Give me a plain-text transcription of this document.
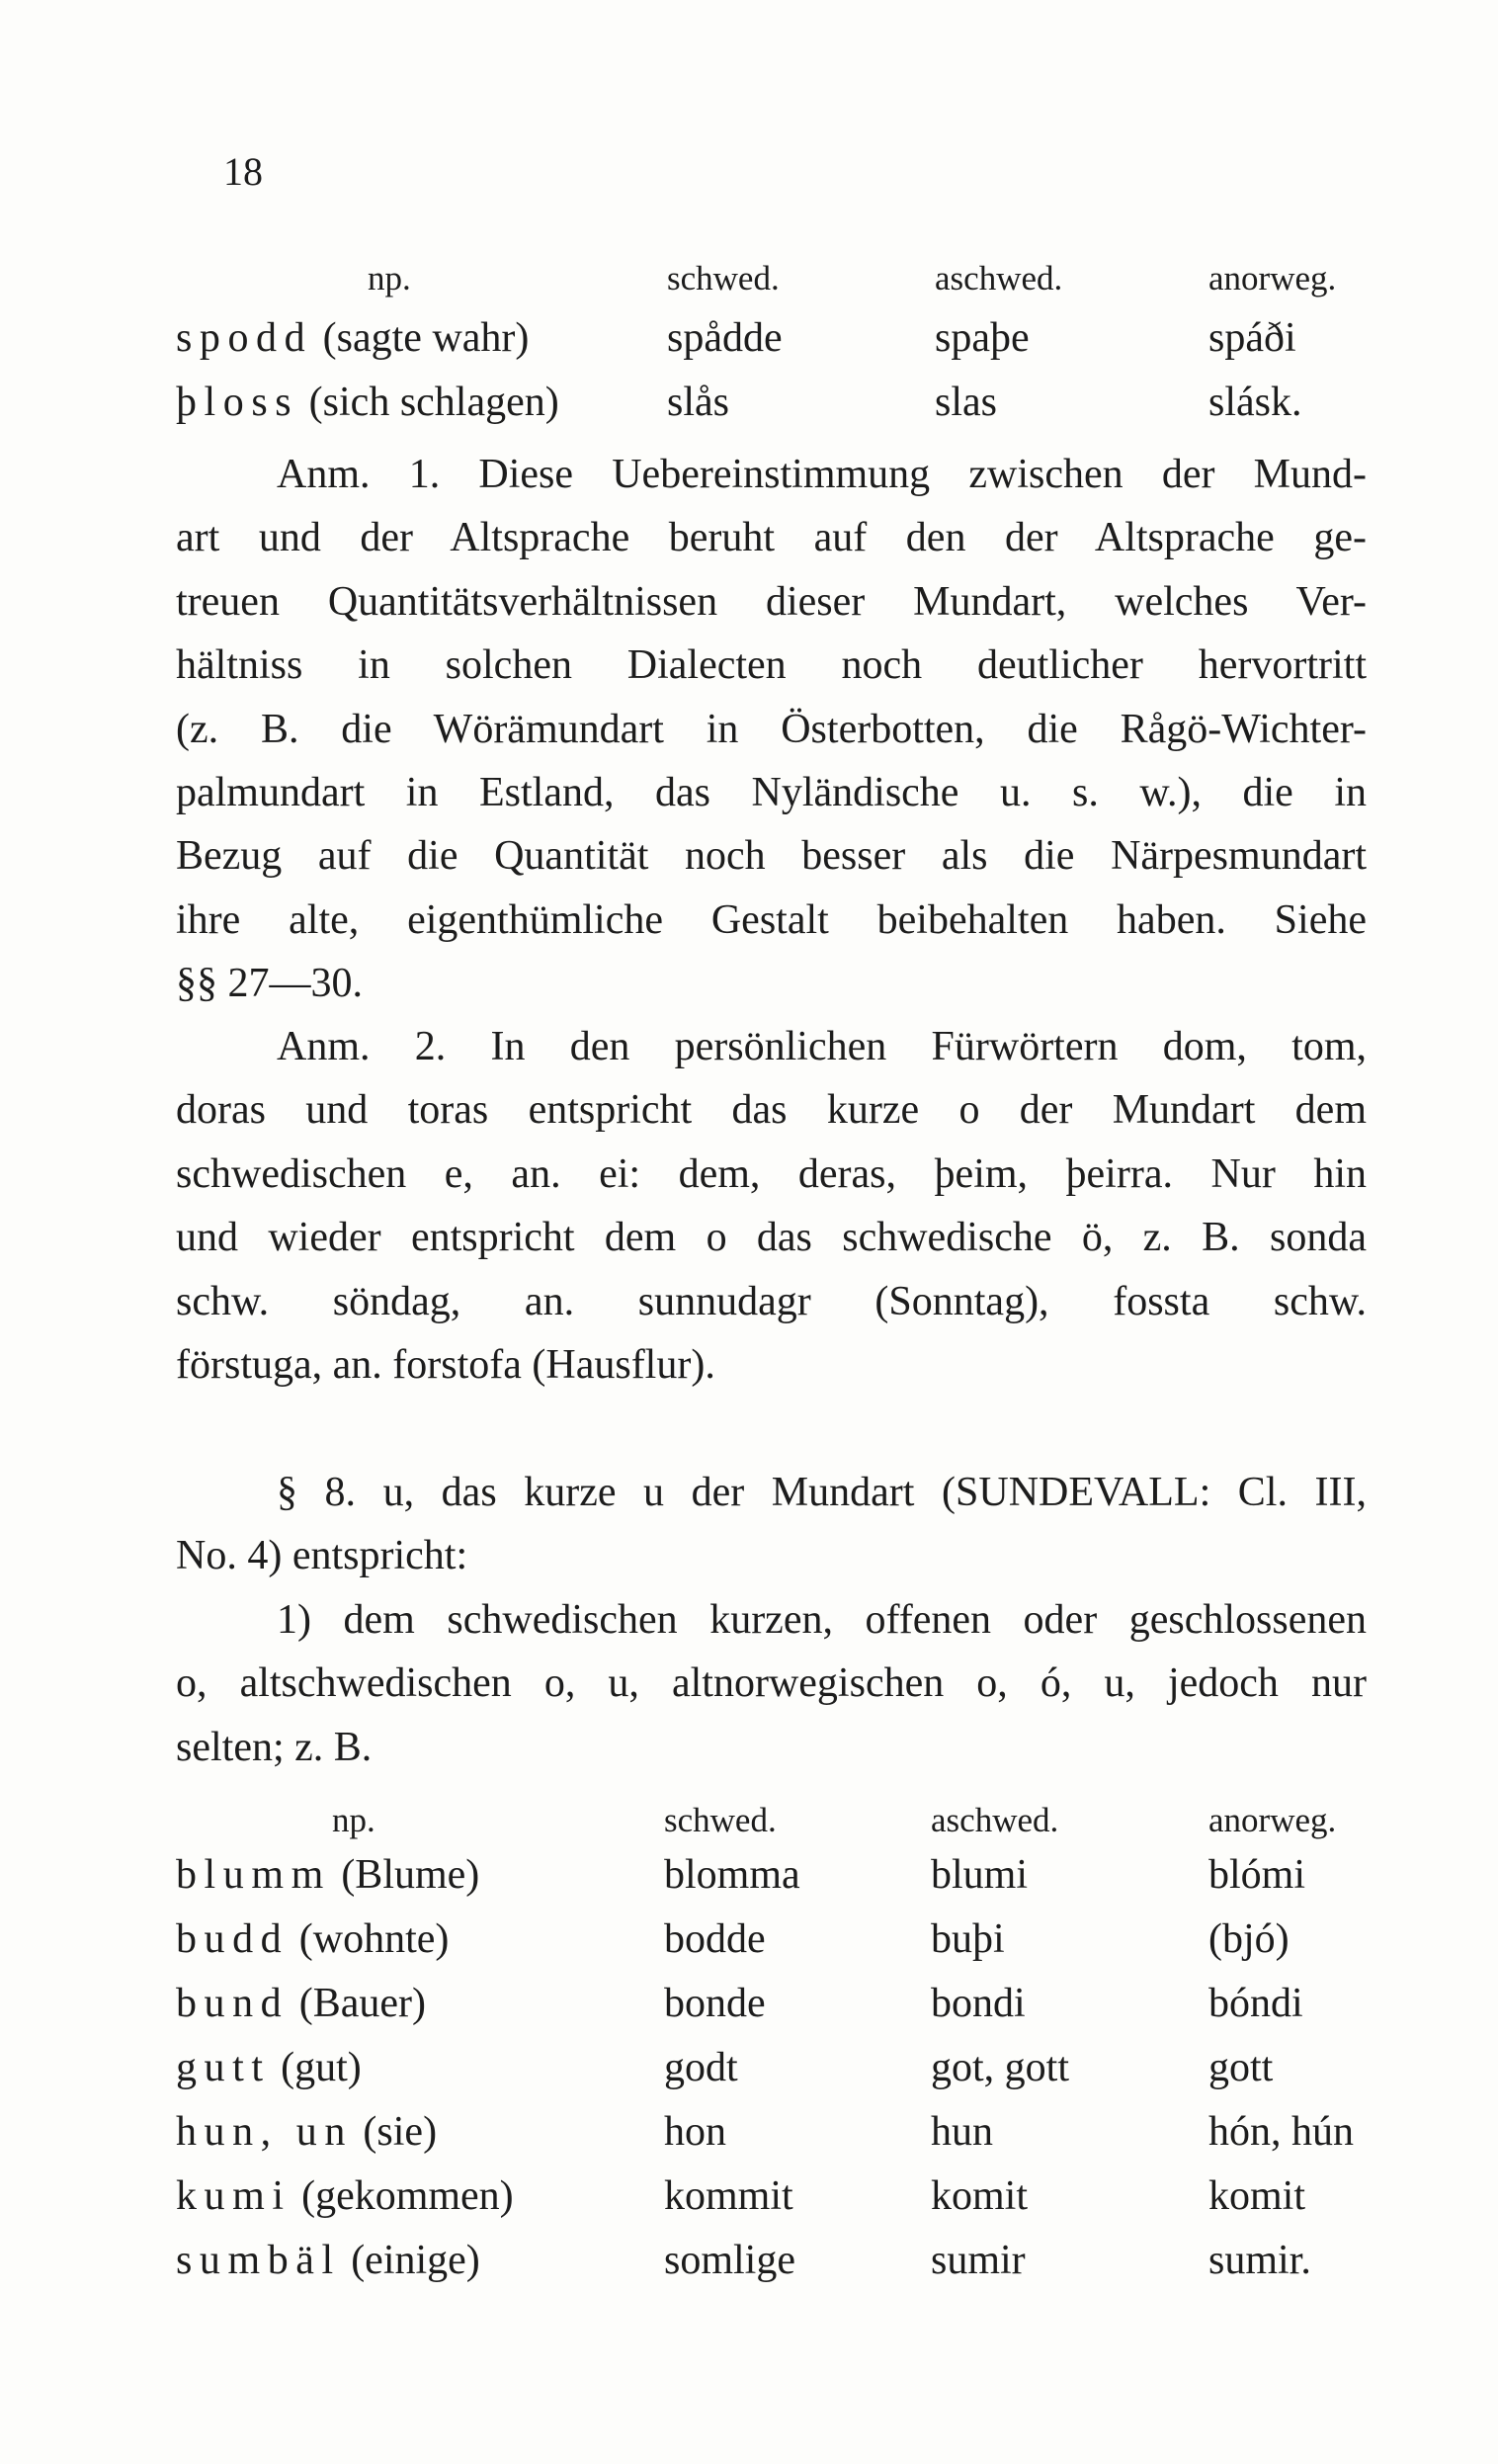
18
np.	schwed.	aschwed.	anorweg.
spodd (sagte wahr)	spådde	spaþe	spáði
þloss (sich schlagen)	slås	slas	slásk.
Anm. 1. Diese Uebereinstimmung zwischen der Mund-
art und der Altsprache beruht auf den der Altsprache ge-
treuen Quantitätsverhältnissen dieser Mundart, welches Ver-
hältniss in solchen Dialecten noch deutlicher hervortritt
(z. B. die Wörämundart in Österbotten, die Rågö-Wichter-
palmundart in Estland, das Nyländische u. s. w.), die in
Bezug auf die Quantität noch besser als die Närpesmundart
ihre alte, eigenthümliche Gestalt beibehalten haben. Siehe
§§ 27—30.
Anm. 2. In den persönlichen Fürwörtern dom, tom,
doras und toras entspricht das kurze o der Mundart dem
schwedischen e, an. ei: dem, deras, þeim, þeirra. Nur hin
und wieder entspricht dem o das schwedische ö, z. B. sonda
schw. söndag, an. sunnudagr (Sonntag), fossta schw.
förstuga, an. forstofa (Hausflur).
§ 8. u, das kurze u der Mundart (SUNDEVALL: Cl. III,
No. 4) entspricht:
1) dem schwedischen kurzen, offenen oder geschlossenen
o, altschwedischen o, u, altnorwegischen o, ó, u, jedoch nur
selten; z. B.
np.	schwed.	aschwed.	anorweg.
blumm (Blume)	blomma	blumi	blómi
budd (wohnte)	bodde	buþi	(bjó)
bund (Bauer)	bonde	bondi	bóndi
gutt (gut)	godt	got, gott	gott
hun, un (sie)	hon	hun	hón, hún
kumi (gekommen)	kommit	komit	komit
sumbäl (einige)	somlige	sumir	sumir.
